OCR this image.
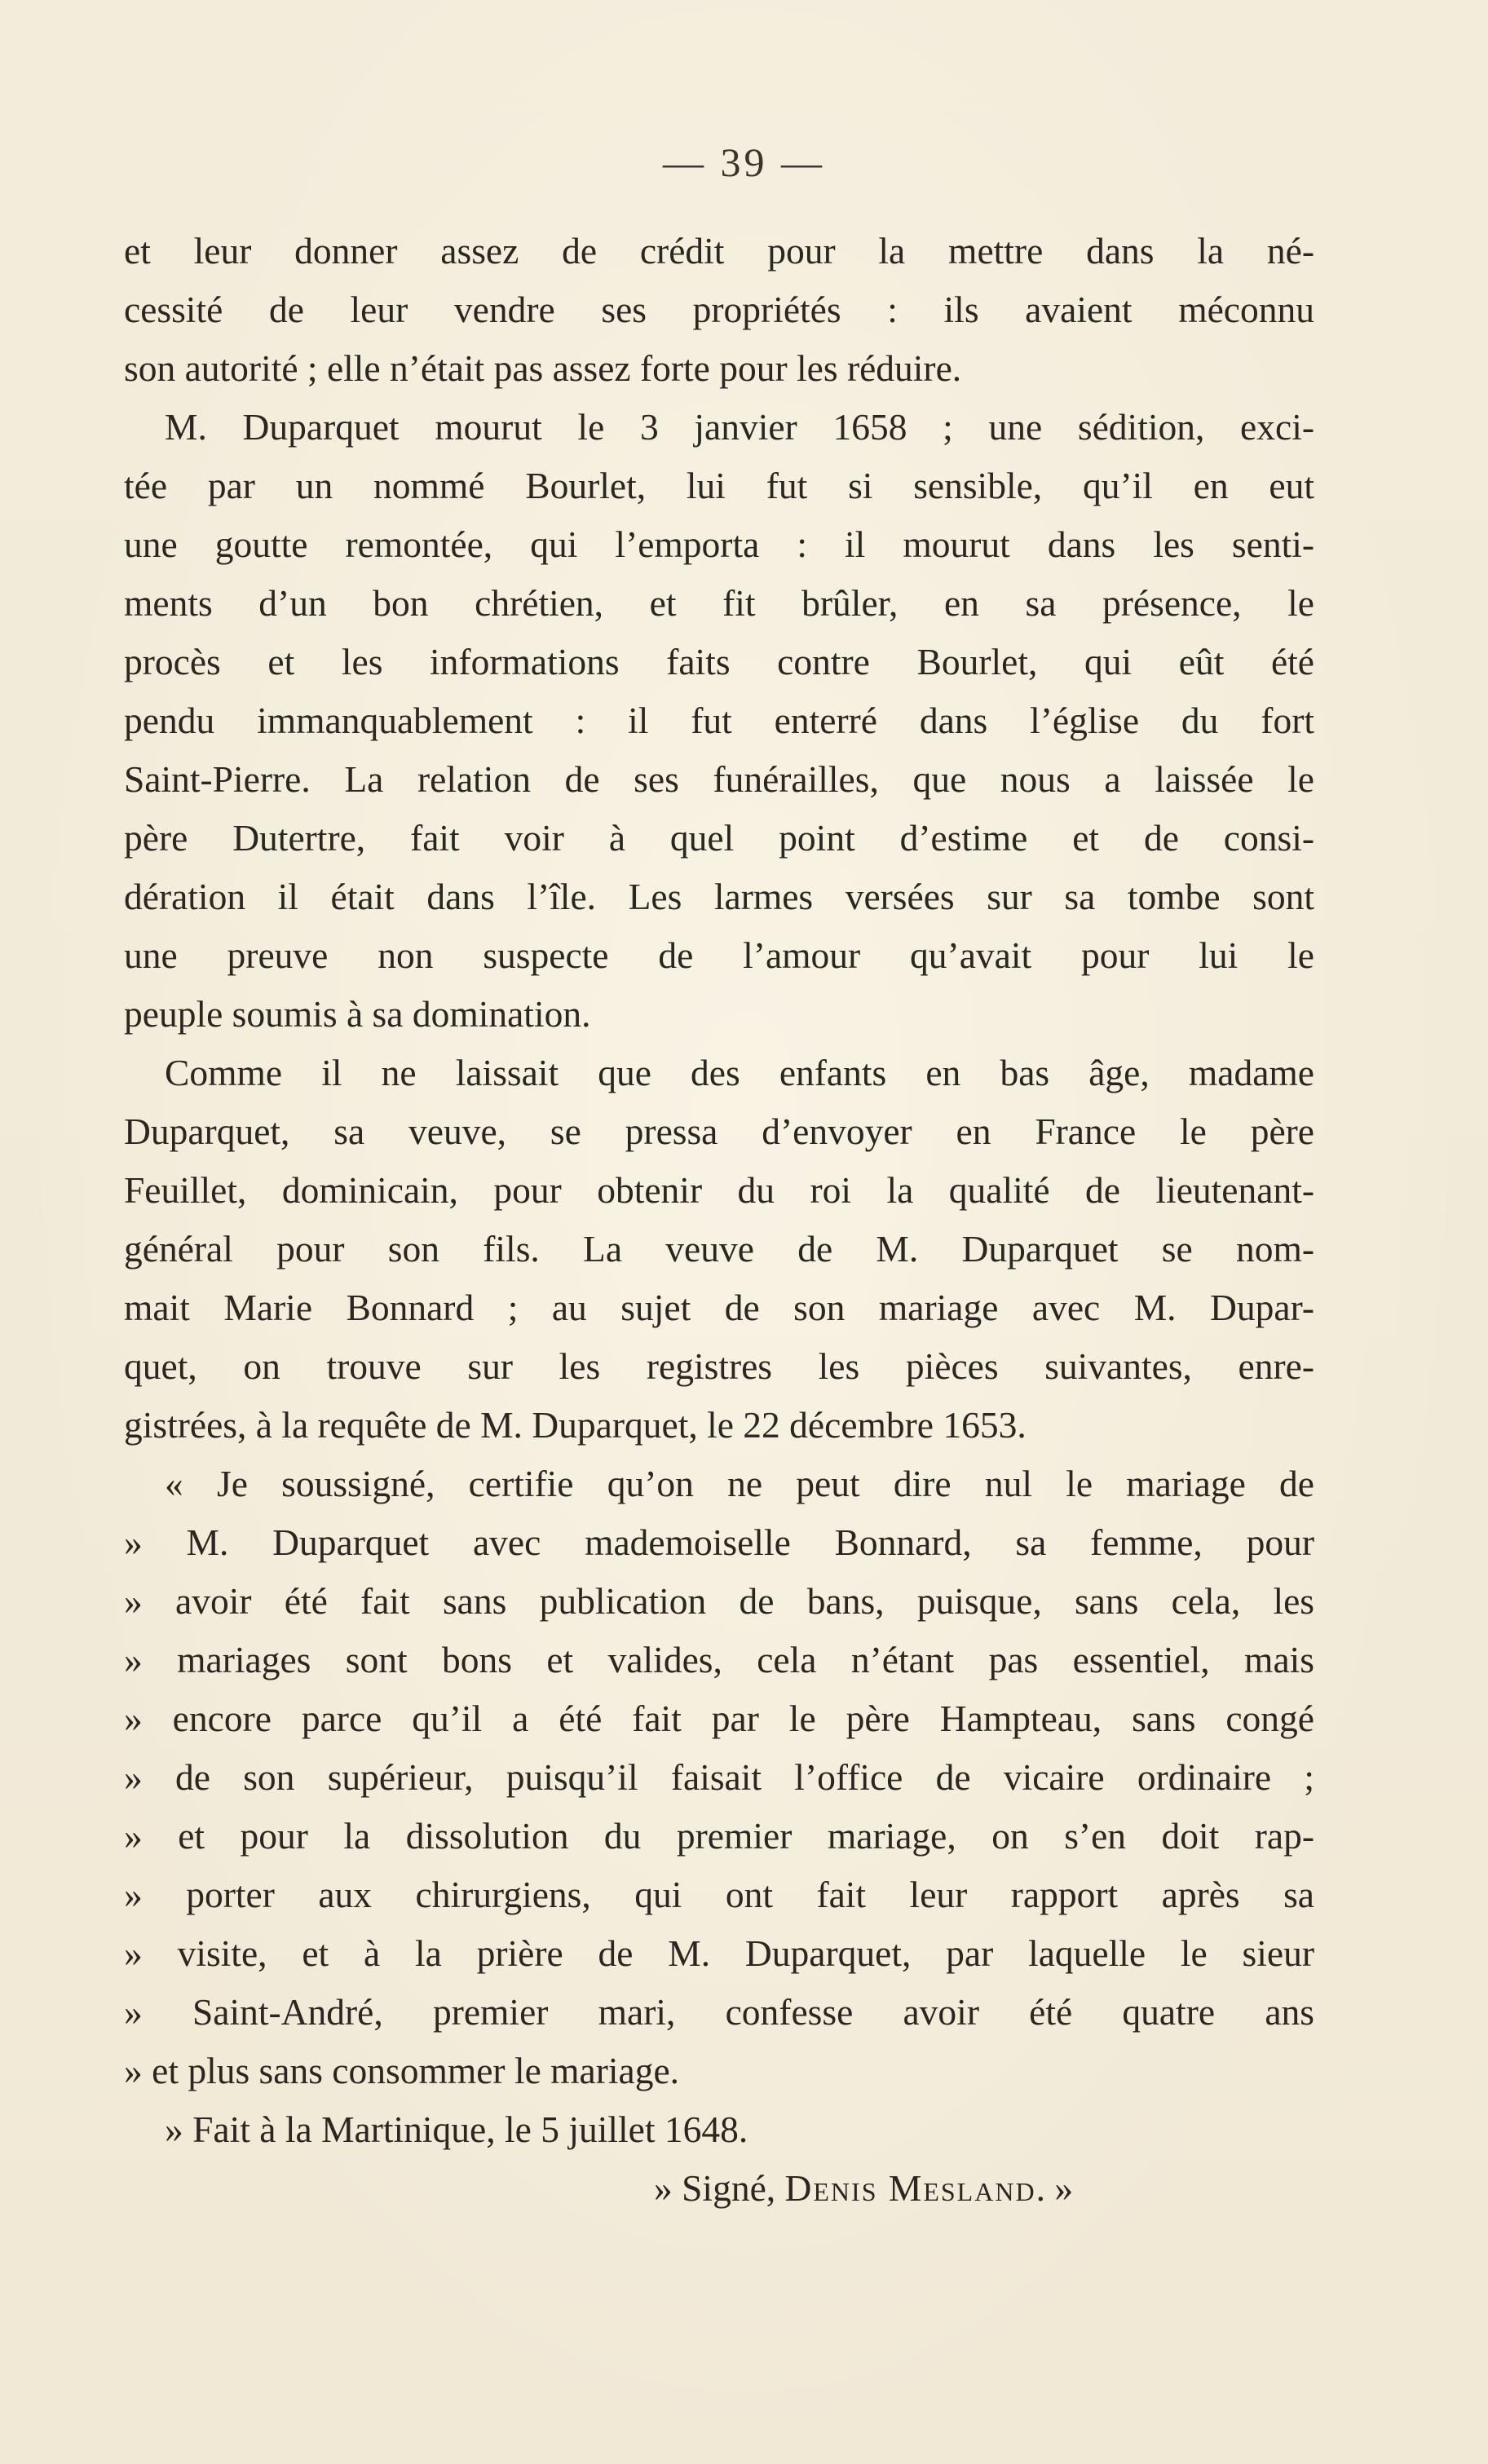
— 39 —
et leur donner assez de crédit pour la mettre dans la né-
cessité de leur vendre ses propriétés : ils avaient méconnu
son autorité ; elle n’était pas assez forte pour les réduire.
M. Duparquet mourut le 3 janvier 1658 ; une sédition, exci-
tée par un nommé Bourlet, lui fut si sensible, qu’il en eut
une goutte remontée, qui l’emporta : il mourut dans les senti-
ments d’un bon chrétien, et fit brûler, en sa présence, le
procès et les informations faits contre Bourlet, qui eût été
pendu immanquablement : il fut enterré dans l’église du fort
Saint-Pierre. La relation de ses funérailles, que nous a laissée le
père Dutertre, fait voir à quel point d’estime et de consi-
dération il était dans l’île. Les larmes versées sur sa tombe sont
une preuve non suspecte de l’amour qu’avait pour lui le
peuple soumis à sa domination.
Comme il ne laissait que des enfants en bas âge, madame
Duparquet, sa veuve, se pressa d’envoyer en France le père
Feuillet, dominicain, pour obtenir du roi la qualité de lieutenant-
général pour son fils. La veuve de M. Duparquet se nom-
mait Marie Bonnard ; au sujet de son mariage avec M. Dupar-
quet, on trouve sur les registres les pièces suivantes, enre-
gistrées, à la requête de M. Duparquet, le 22 décembre 1653.
« Je soussigné, certifie qu’on ne peut dire nul le mariage de
» M. Duparquet avec mademoiselle Bonnard, sa femme, pour
» avoir été fait sans publication de bans, puisque, sans cela, les
» mariages sont bons et valides, cela n’étant pas essentiel, mais
» encore parce qu’il a été fait par le père Hampteau, sans congé
» de son supérieur, puisqu’il faisait l’office de vicaire ordinaire ;
» et pour la dissolution du premier mariage, on s’en doit rap-
» porter aux chirurgiens, qui ont fait leur rapport après sa
» visite, et à la prière de M. Duparquet, par laquelle le sieur
» Saint-André, premier mari, confesse avoir été quatre ans
» et plus sans consommer le mariage.
» Fait à la Martinique, le 5 juillet 1648.
» Signé, Denis Mesland. »
